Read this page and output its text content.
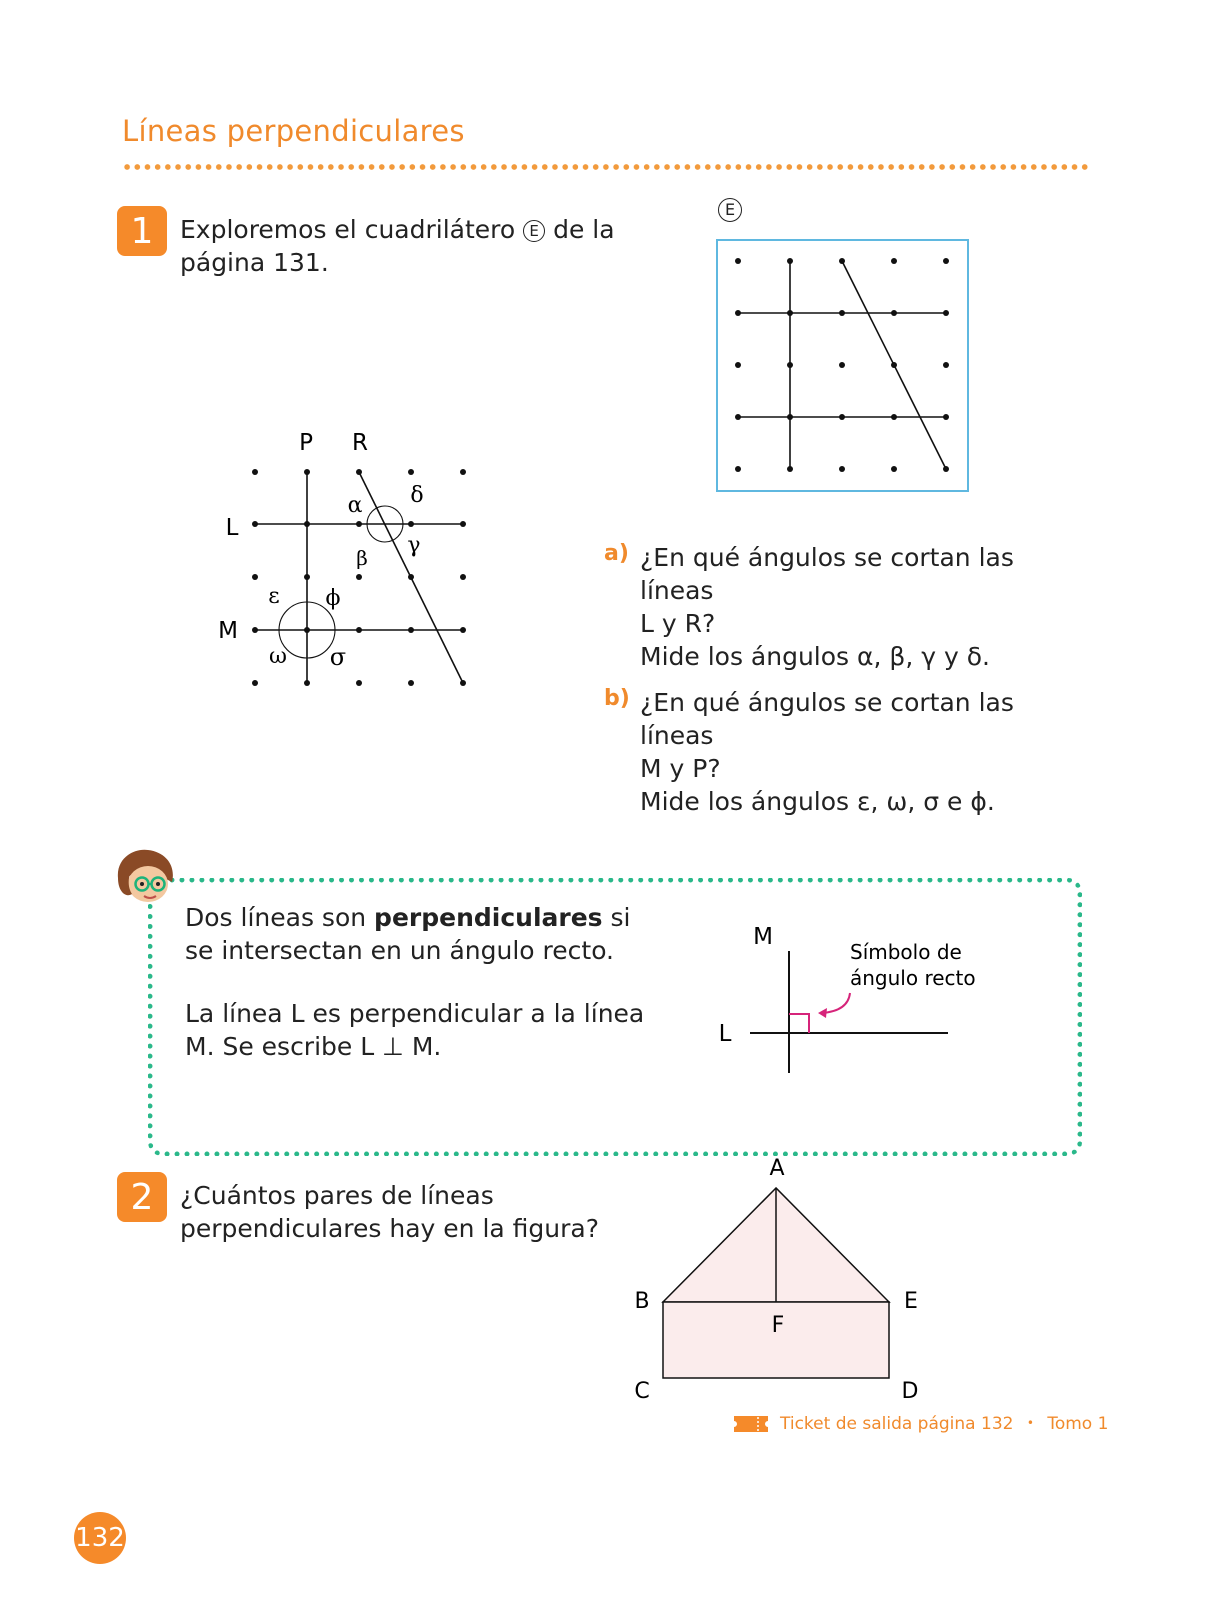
Líneas perpendiculares
1	Exploremos el cuadrilátero E de la
página 131.
E
P R
L
M
α δ
γ
β
ε ϕ
ω σ
a) ¿En qué ángulos se cortan las líneas
L y R?
Mide los ángulos α, β, γ y δ.
b) ¿En qué ángulos se cortan las líneas
M y P?
Mide los ángulos ε, ω, σ e ϕ.
Dos líneas son perpendiculares si
se intersectan en un ángulo recto.
La línea L es perpendicular a la línea
M. Se escribe L ⊥ M.
M
L
Símbolo de
ángulo recto
2	¿Cuántos pares de líneas
perpendiculares hay en la figura?
A
B
C	D
E
F
Ticket de salida página 132 • Tomo 1
132
